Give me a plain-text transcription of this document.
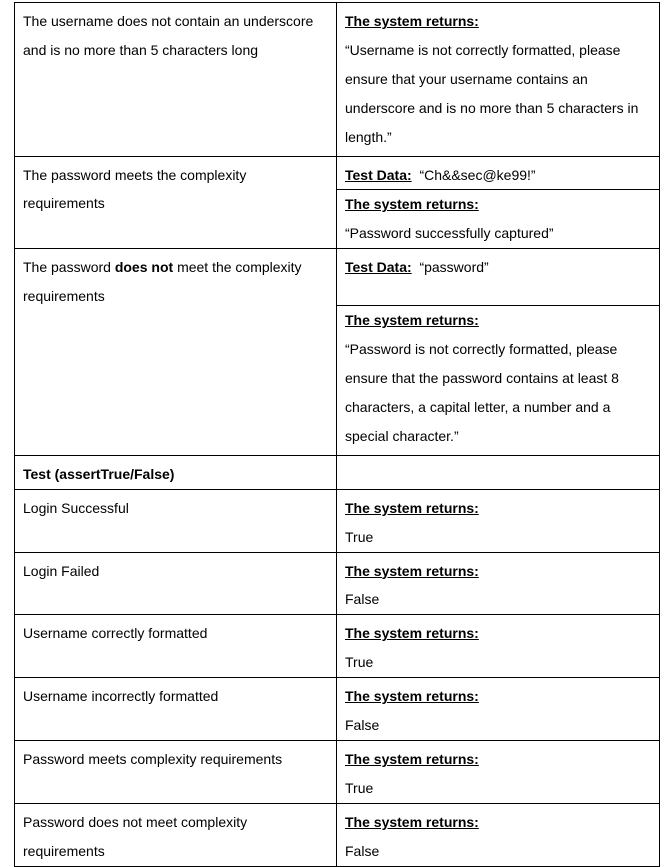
The username does not contain an underscore and is no more than 5 characters long	The system returns:
“Username is not correctly formatted, please ensure that your username contains an underscore and is no more than 5 characters in length.”
The password meets the complexity requirements	Test Data: “Ch&&sec@ke99!”
The system returns:
“Password successfully captured”

The password does not meet the complexity requirements	Test Data: “password”
The system returns:
“Password is not correctly formatted, please ensure that the password contains at least 8 characters, a capital letter, a number and a special character.”

Test (assertTrue/False)	
Login Successful	The system returns:
True
Login Failed	The system returns:
False
Username correctly formatted	The system returns:
True
Username incorrectly formatted	The system returns:
False
Password meets complexity requirements	The system returns:
True
Password does not meet complexity requirements	The system returns:
False
